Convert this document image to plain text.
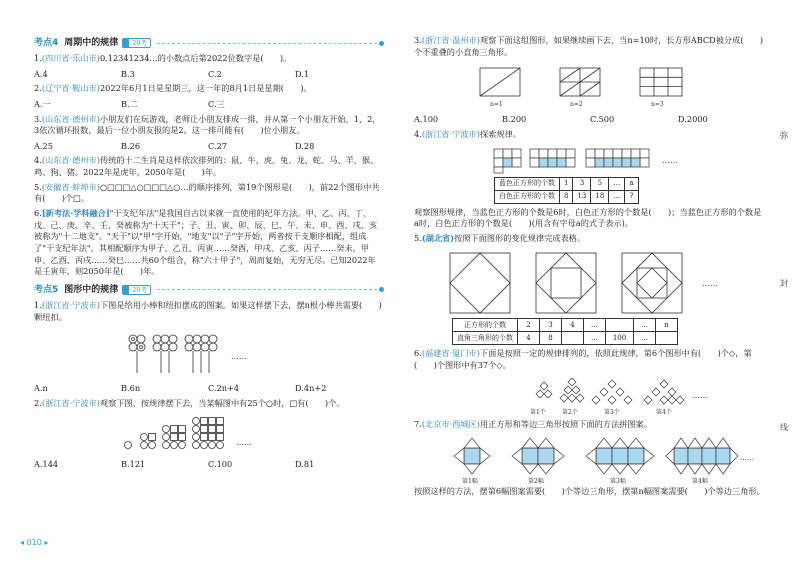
考点4 周期中的规律	20考
1.(四川省·乐山市)0.12341234…的小数点后第2022位数字是(　　)。
A.4	B.3	C.2	D.1
2.(辽宁省·鞍山市)2022年6月1日是星期三，这一年的8月1日是星期(　　)。
A.一	B.二	C.三
3.(山东省·德州市)小朋友们在玩游戏，老师让小朋友排成一排，并从第一个小朋友开始，1，2，3依次循环报数，最后一位小朋友报的是2。这一排可能有(　　)位小朋友。
A.25	B.26	C.27	D.28
4.(山东省·德州市)传统的十二生肖是这样依次排列的：鼠、牛、虎、兔、龙、蛇、马、羊、猴、鸡、狗、猪。2022年是虎年，2050年是(　　)年。
5.(安徽省·蚌埠市)○□□□△○□□□△○…的顺序排列，第19个图形是(　　)，前22个图形中共有(　　)个□。
6.[新考法·学科融合]"干支纪年法"是我国自古以来就一直使用的纪年方法。甲、乙、丙、丁、戊、己、庚、辛、壬、癸被称为"十天干"；子、丑、寅、卯、辰、巳、午、未、申、酉、戌、亥被称为"十二地支"。"天干"以"甲"字开始，"地支"以"子"字开始，两者按干支顺序相配，组成了"干支纪年法"，其相配顺序为甲子、乙丑、丙寅……癸酉，甲戌、乙亥、丙子……癸未，甲申、乙酉、丙戌……癸巳……共60个组合，称"六十甲子"，周而复始，无穷无尽。已知2022年是壬寅年，则2050年是(　　)年。
考点5 图形中的规律	20考
1.(浙江省·宁波市)下图是给用小棒和纽扣摆成的图案。如果这样摆下去，摆n根小棒共需要(　　)颗纽扣。
……
A.n	B.6n	C.2n+4	D.4n+2
2.(浙江省·宁波市)观察下图，按规律摆下去，当某幅图中有25个○时，□有(　　)个。
……
A.144	B.121	C.100	D.81
3.(浙江省·温州市)观察下面这组图形，如果继续画下去，当n=10时，长方形ABCD被分成(　　)个不重叠的小直角三角形。
n=1	n=2	n=3
A.100	B.200	C.500	D.2000
4.(浙江省·宁波市)探索规律。
……
蓝色正方形的个数	1	3	5	…	a
白色正方形的个数	8	13	18	…	?
观察图形规律，当蓝色正方形的个数是6时，白色正方形的个数是(　　)；当蓝色正方形的个数是a时，白色正方形的个数是(　　)(用含有字母a的式子表示)。
5.(湖北省)按照下面图形的变化规律完成表格。
……
正方形的个数	2	3	4	…		…	n
直角三角形的个数	4	8		…	100	…	
6.(福建省·厦门市)下面是按照一定的规律排列的，依照此规律，第6个图形中有(　　)个◇，第(　　)个图形中有37个◇。
第1个	第2个	第3个	第4个
……
7.(北京市·西城区)用正方形和等边三角形按照下面的方法拼图案。
第1幅	第2幅	第3幅	第4幅
……
按照这样的方法，摆第6幅图案需要(　　)个等边三角形，摆第n幅图案需要(　　)个等边三角形。
弥
封
线
◂ 010 ▸
